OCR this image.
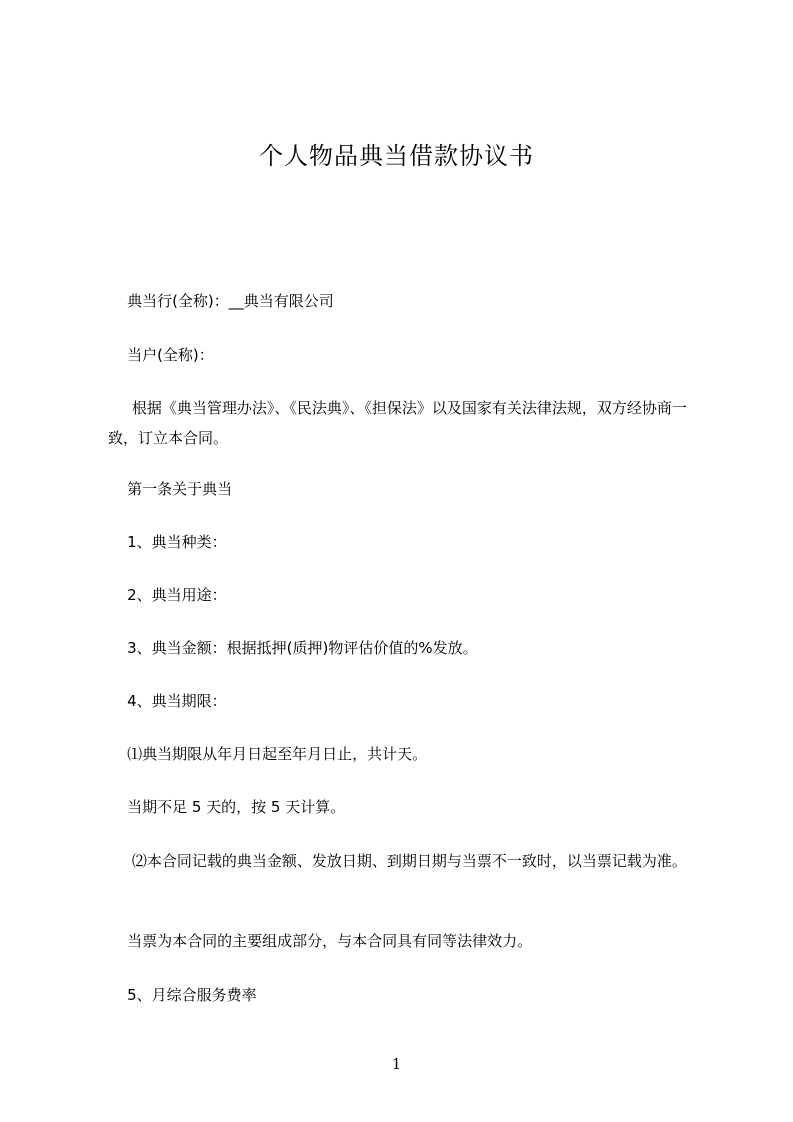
个人物品典当借款协议书

典当行(全称)：__典当有限公司

当户(全称)：

根据《典当管理办法》、《民法典》、《担保法》以及国家有关法律法规，双方经协商一致，订立本合同。

第一条关于典当

1、典当种类：

2、典当用途：

3、典当金额：根据抵押(质押)物评估价值的%发放。

4、典当期限：

⑴典当期限从年月日起至年月日止，共计天。

当期不足 5 天的，按 5 天计算。

⑵本合同记载的典当金额、发放日期、到期日期与当票不一致时，以当票记载为准。

当票为本合同的主要组成部分，与本合同具有同等法律效力。

5、月综合服务费率

1
